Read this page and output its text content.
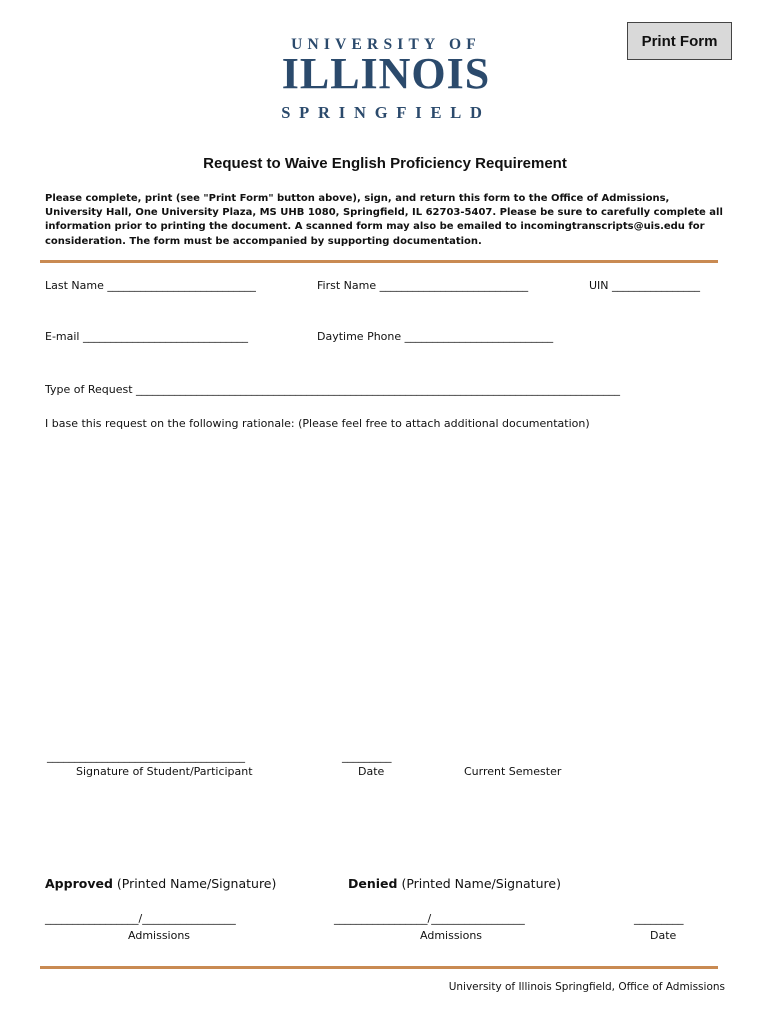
Print Form
UNIVERSITY OF
ILLINOIS
SPRINGFIELD
Request to Waive English Proficiency Requirement
Please complete, print (see "Print Form" button above), sign, and return this form to the Office of Admissions, University Hall, One University Plaza, MS UHB 1080, Springfield, IL 62703-5407. Please be sure to carefully complete all information prior to printing the document. A scanned form may also be emailed to incomingtranscripts@uis.edu for consideration. The form must be accompanied by supporting documentation.
Last Name ___________________________	First Name ___________________________	UIN ________________
E-mail ______________________________	Daytime Phone ___________________________
Type of Request ________________________________________________________________________________________
I base this request on the following rationale: (Please feel free to attach additional documentation)
____________________________________
Signature of Student/Participant
_________
Date	Current Semester
Approved (Printed Name/Signature)	Denied (Printed Name/Signature)
_________________/_________________
Admissions
_________________/_________________
Admissions
_________
Date
University of Illinois Springfield, Office of Admissions
